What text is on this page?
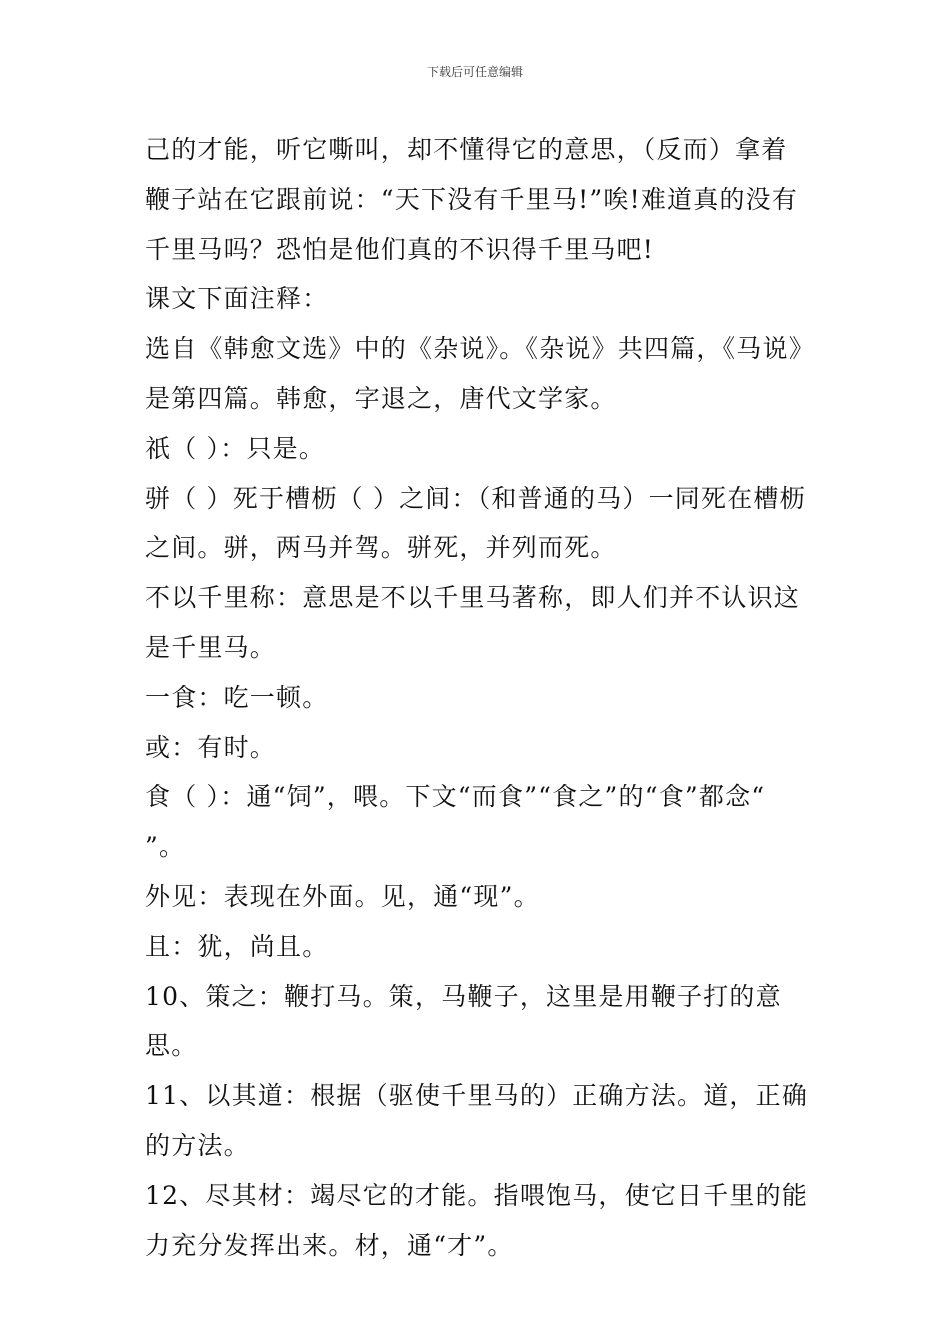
下载后可任意编辑

己的才能，听它嘶叫，却不懂得它的意思，（反而）拿着鞭子站在它跟前说：“天下没有千里马!”唉!难道真的没有千里马吗？恐怕是他们真的不识得千里马吧!

课文下面注释：

选自《韩愈文选》中的《杂说》。《杂说》共四篇，《马说》是第四篇。韩愈，字退之，唐代文学家。

祇（ ）：只是。

骈（ ）死于槽枥（ ）之间：（和普通的马）一同死在槽枥之间。骈，两马并驾。骈死，并列而死。

不以千里称：意思是不以千里马著称，即人们并不认识这是千里马。

一食：吃一顿。

或：有时。

食（ ）：通“饲”，喂。下文“而食”“食之”的“食”都念“ ”。

外见：表现在外面。见，通“现”。

且：犹，尚且。

10、策之：鞭打马。策，马鞭子，这里是用鞭子打的意思。

11、以其道：根据（驱使千里马的）正确方法。道，正确的方法。

12、尽其材：竭尽它的才能。指喂饱马，使它日千里的能力充分发挥出来。材，通“才”。
